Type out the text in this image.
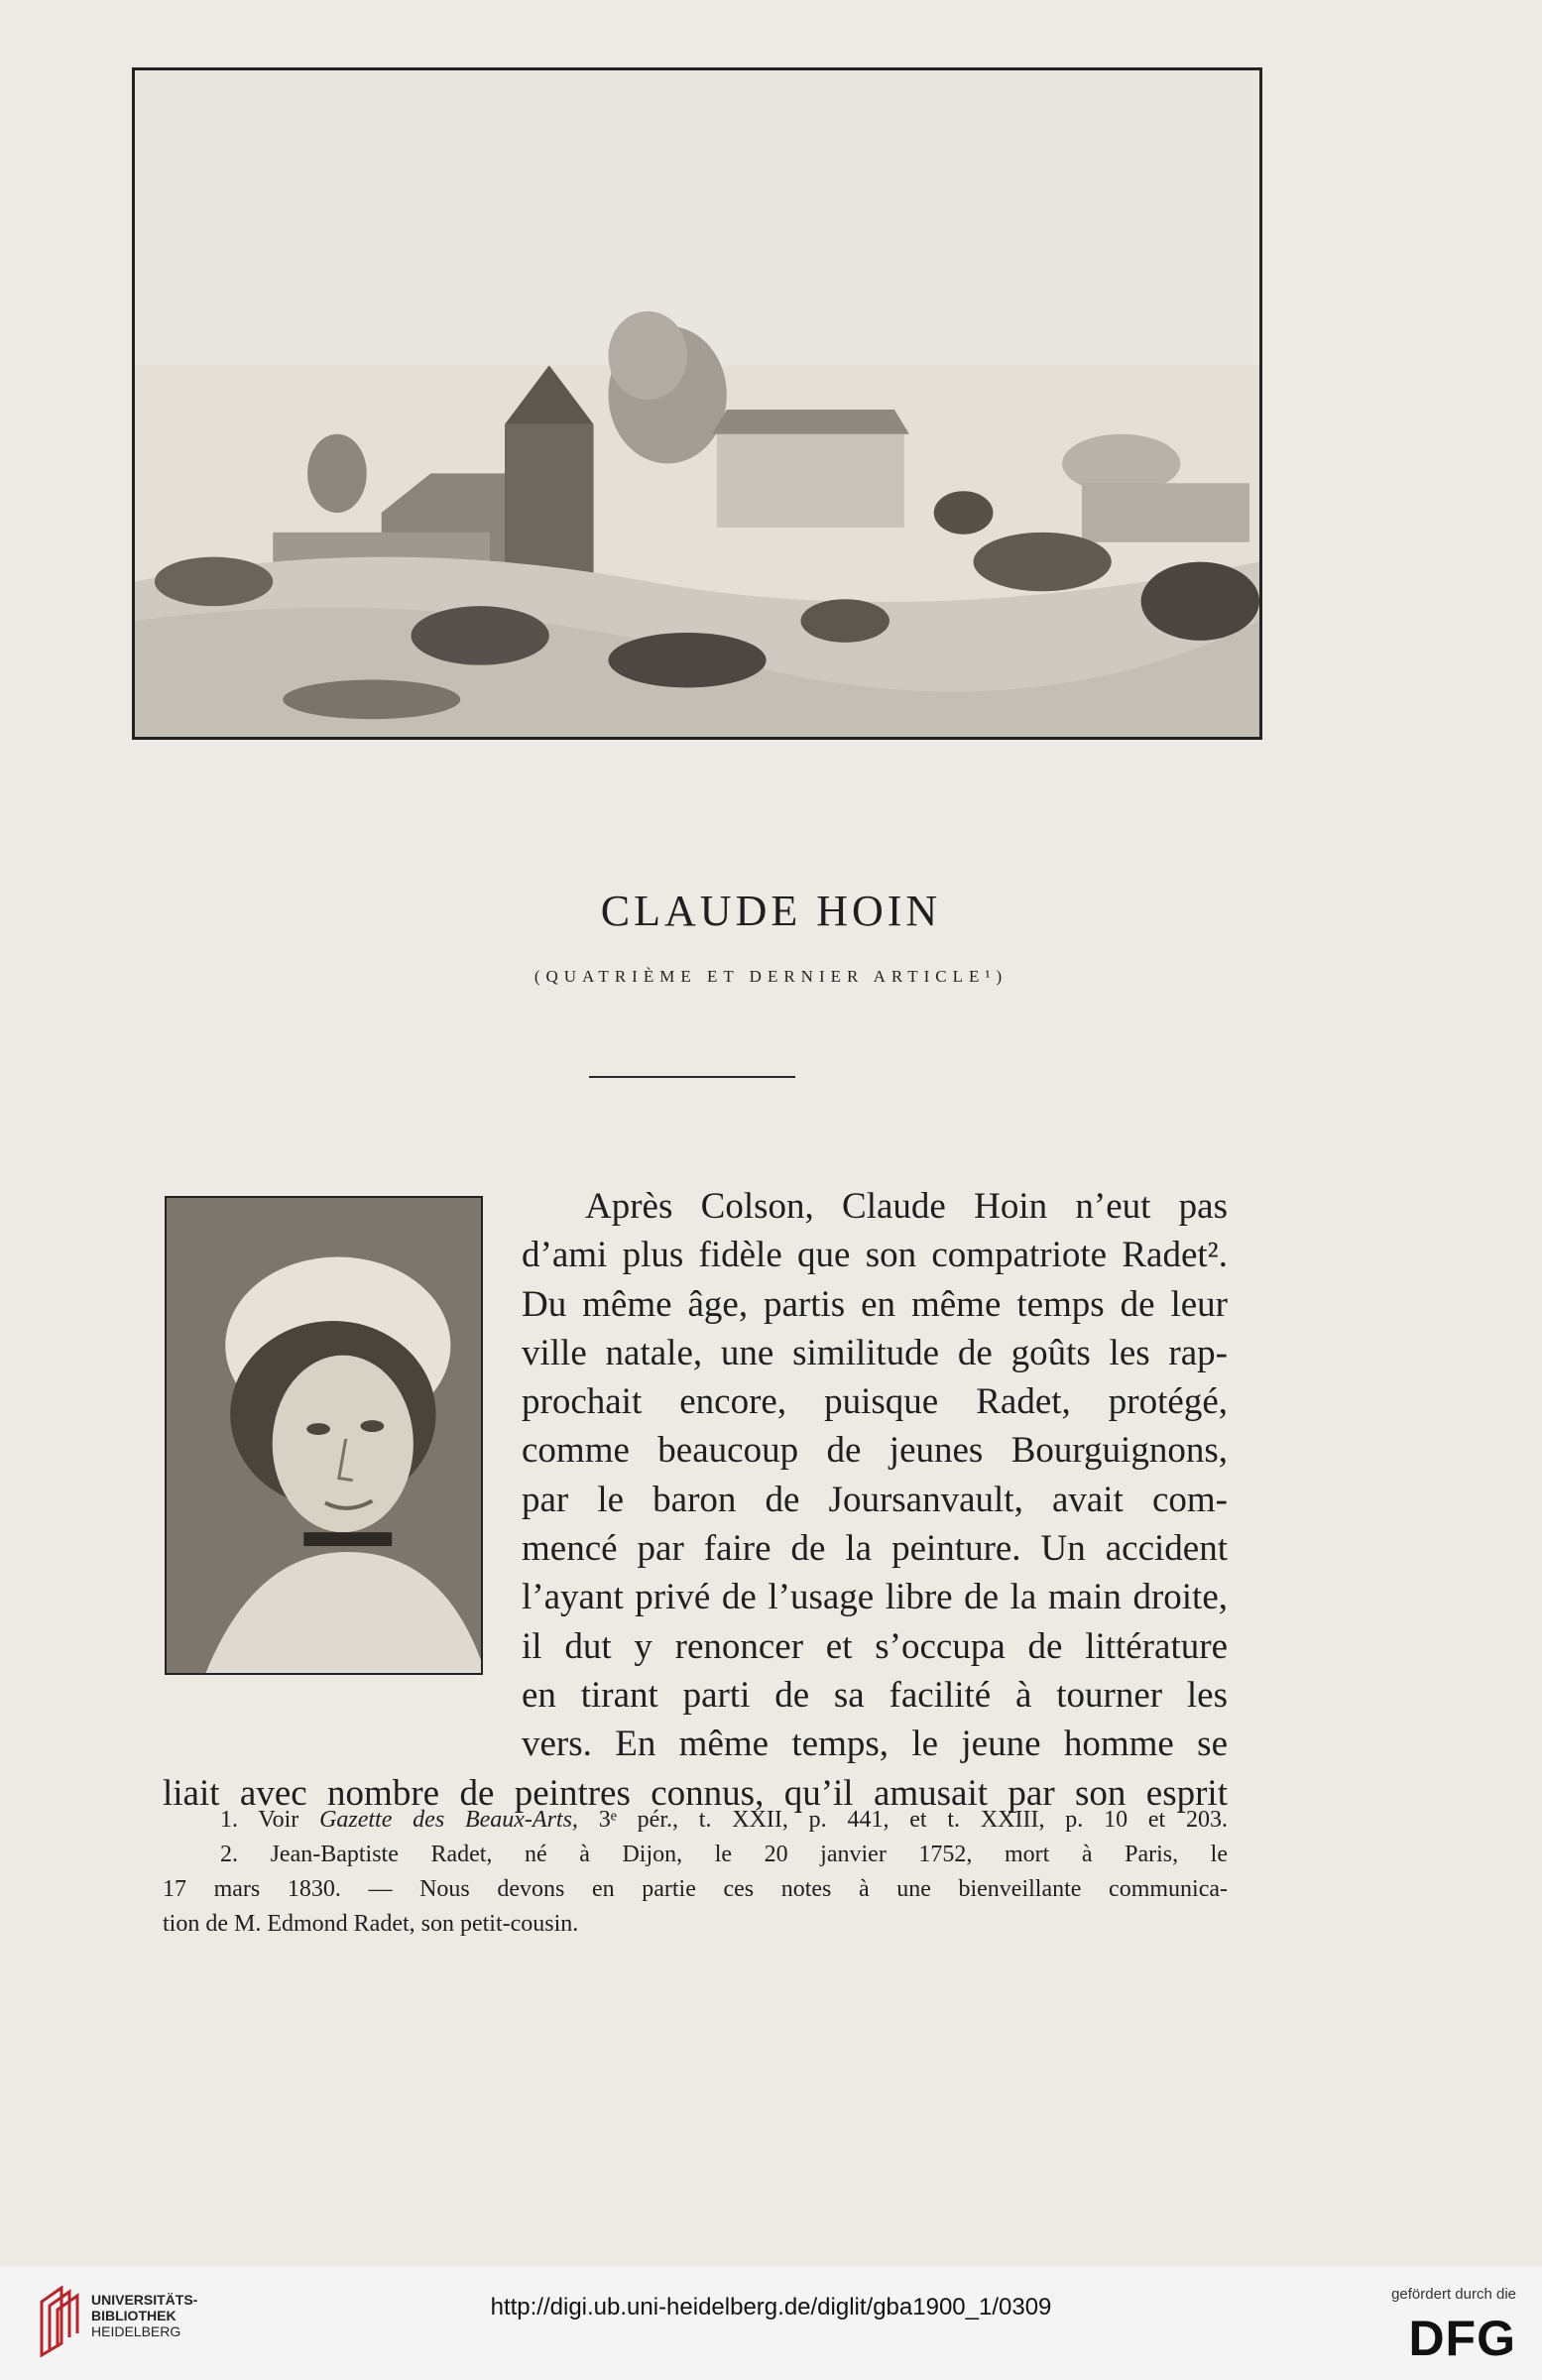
CLAUDE HOIN
(QUATRIÈME ET DERNIER ARTICLE¹)
Après Colson, Claude Hoin n’eut pas
d’ami plus fidèle que son compatriote Radet².
Du même âge, partis en même temps de leur
ville natale, une similitude de goûts les rap-
prochait encore, puisque Radet, protégé,
comme beaucoup de jeunes Bourguignons,
par le baron de Joursanvault, avait com-
mencé par faire de la peinture. Un accident
l’ayant privé de l’usage libre de la main droite,
il dut y renoncer et s’occupa de littérature
en tirant parti de sa facilité à tourner les
vers. En même temps, le jeune homme se
liait avec nombre de peintres connus, qu’il amusait par son esprit
1. Voir Gazette des Beaux-Arts, 3ᵉ pér., t. XXII, p. 441, et t. XXIII, p. 10 et 203.
2. Jean-Baptiste Radet, né à Dijon, le 20 janvier 1752, mort à Paris, le
17 mars 1830. — Nous devons en partie ces notes à une bienveillante communica-
tion de M. Edmond Radet, son petit-cousin.
UNIVERSITÄTS-
BIBLIOTHEK
HEIDELBERG
http://digi.ub.uni-heidelberg.de/diglit/gba1900_1/0309	gefördert durch die
DFG
